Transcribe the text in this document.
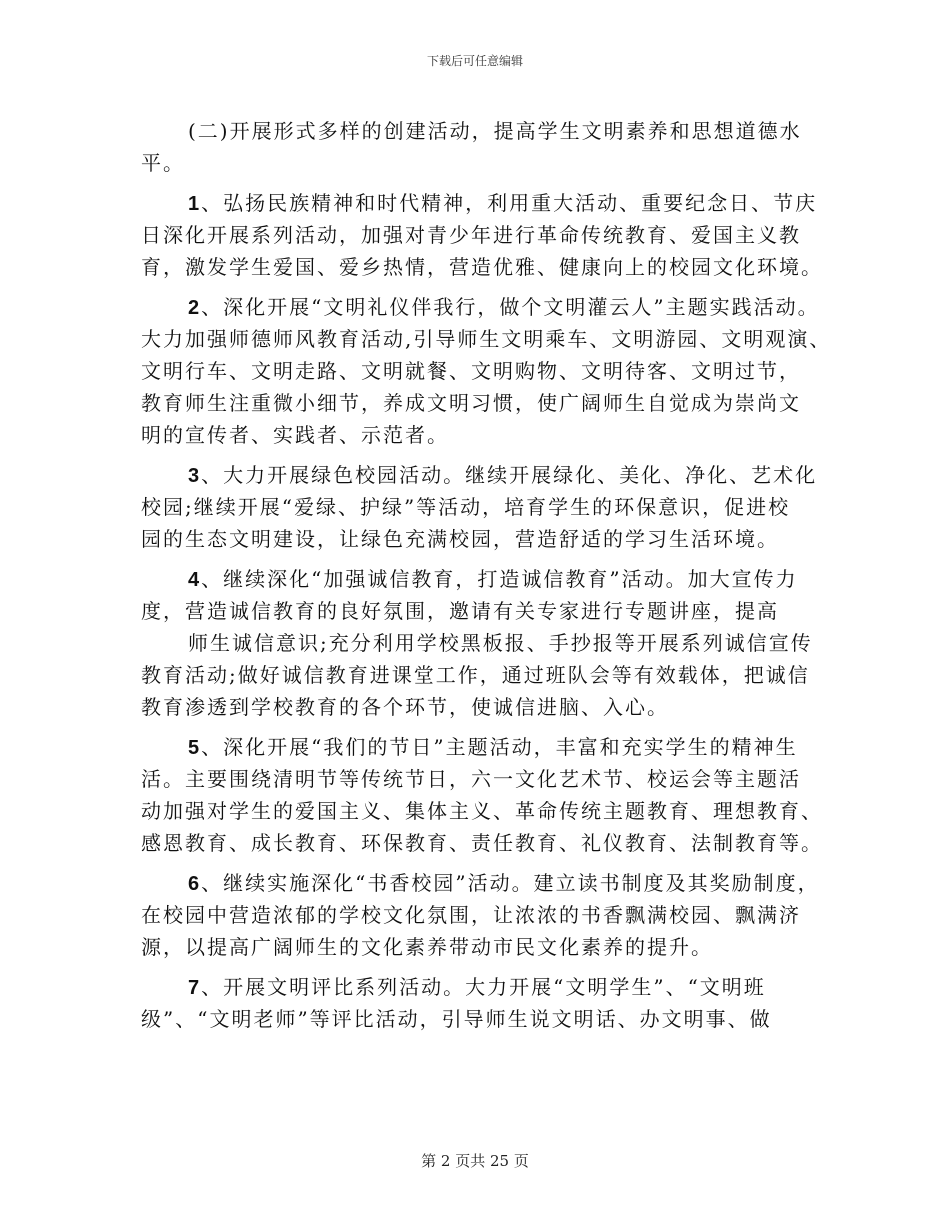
下载后可任意编辑
(二)开展形式多样的创建活动，提高学生文明素养和思想道德水
平。
1、弘扬民族精神和时代精神，利用重大活动、重要纪念日、节庆
日深化开展系列活动，加强对青少年进行革命传统教育、爱国主义教
育，激发学生爱国、爱乡热情，营造优雅、健康向上的校园文化环境。
2、深化开展“文明礼仪伴我行，做个文明灌云人”主题实践活动。
大力加强师德师风教育活动,引导师生文明乘车、文明游园、文明观演、
文明行车、文明走路、文明就餐、文明购物、文明待客、文明过节，
教育师生注重微小细节，养成文明习惯，使广阔师生自觉成为崇尚文
明的宣传者、实践者、示范者。
3、大力开展绿色校园活动。继续开展绿化、美化、净化、艺术化
校园;继续开展“爱绿、护绿”等活动，培育学生的环保意识，促进校
园的生态文明建设，让绿色充满校园，营造舒适的学习生活环境。
4、继续深化“加强诚信教育，打造诚信教育”活动。加大宣传力
度，营造诚信教育的良好氛围，邀请有关专家进行专题讲座，提高
师生诚信意识;充分利用学校黑板报、手抄报等开展系列诚信宣传
教育活动;做好诚信教育进课堂工作，通过班队会等有效载体，把诚信
教育渗透到学校教育的各个环节，使诚信进脑、入心。
5、深化开展“我们的节日”主题活动，丰富和充实学生的精神生
活。主要围绕清明节等传统节日，六一文化艺术节、校运会等主题活
动加强对学生的爱国主义、集体主义、革命传统主题教育、理想教育、
感恩教育、成长教育、环保教育、责任教育、礼仪教育、法制教育等。
6、继续实施深化“书香校园”活动。建立读书制度及其奖励制度，
在校园中营造浓郁的学校文化氛围，让浓浓的书香飘满校园、飘满济
源，以提高广阔师生的文化素养带动市民文化素养的提升。
7、开展文明评比系列活动。大力开展“文明学生”、“文明班
级”、“文明老师”等评比活动，引导师生说文明话、办文明事、做
第 2 页共 25 页
